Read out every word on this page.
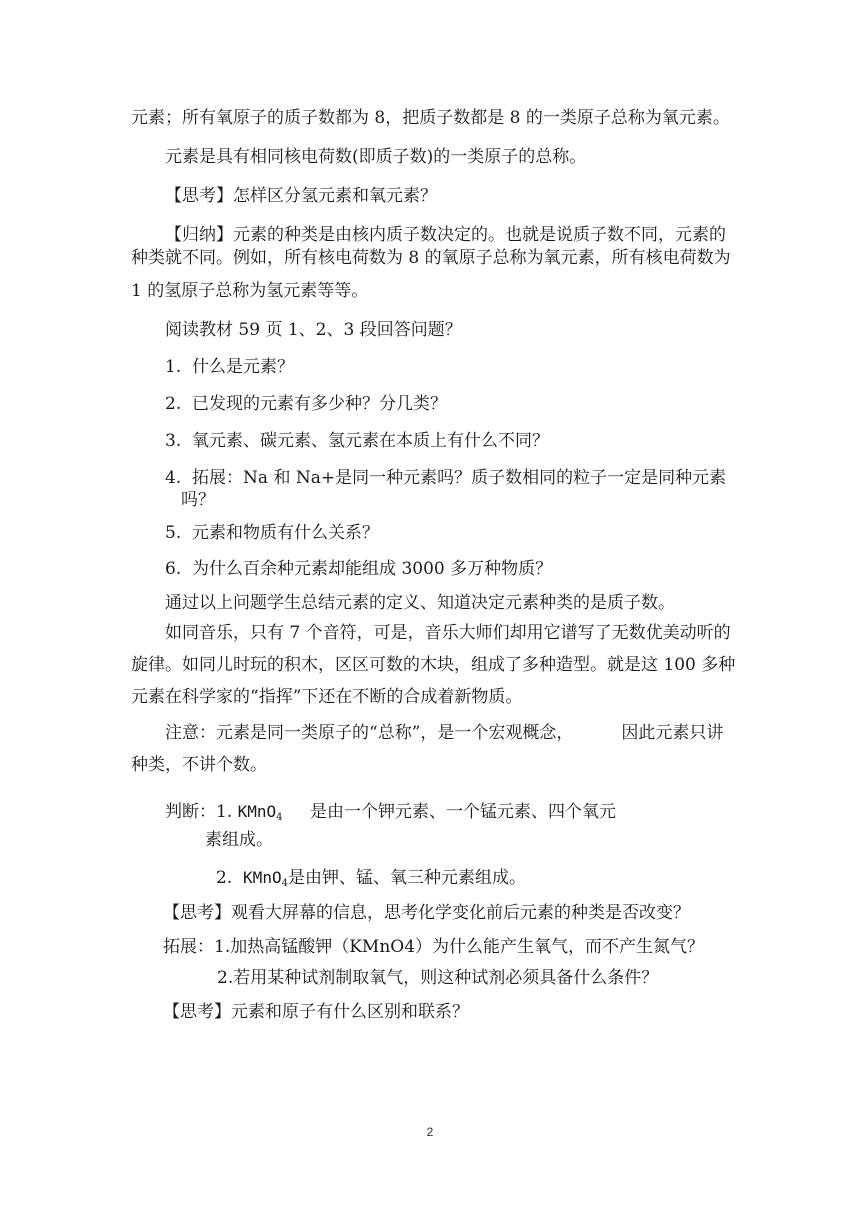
元素；所有氧原子的质子数都为 8，把质子数都是 8 的一类原子总称为氧元素。

元素是具有相同核电荷数(即质子数)的一类原子的总称。

【思考】怎样区分氢元素和氧元素？

【归纳】元素的种类是由核内质子数决定的。也就是说质子数不同，元素的

种类就不同。例如，所有核电荷数为 8 的氧原子总称为氧元素，所有核电荷数为

1 的氢原子总称为氢元素等等。

阅读教材 59 页 1、2、3 段回答问题？

1. 什么是元素？

2. 已发现的元素有多少种？分几类？

3. 氧元素、碳元素、氢元素在本质上有什么不同？

4. 拓展：Na 和 Na+是同一种元素吗？质子数相同的粒子一定是同种元素

吗？

5. 元素和物质有什么关系？

6. 为什么百余种元素却能组成 3000 多万种物质？

通过以上问题学生总结元素的定义、知道决定元素种类的是质子数。

如同音乐，只有 7 个音符，可是，音乐大师们却用它谱写了无数优美动听的

旋律。如同儿时玩的积木，区区可数的木块，组成了多种造型。就是这 100 多种

元素在科学家的“指挥”下还在不断的合成着新物质。

注意：元素是同一类原子的“总称”，是一个宏观概念，	因此元素只讲

种类，不讲个数。

判断：1. KMnO$_4$ 是由一个钾元素、一个锰元素、四个氧元

素组成。

2. KMnO$_4$是由钾、锰、氧三种元素组成。

【思考】观看大屏幕的信息，思考化学变化前后元素的种类是否改变？

拓展：1.加热高锰酸钾（KMnO4）为什么能产生氧气，而不产生氮气？

2.若用某种试剂制取氧气，则这种试剂必须具备什么条件？

【思考】元素和原子有什么区别和联系？

2
